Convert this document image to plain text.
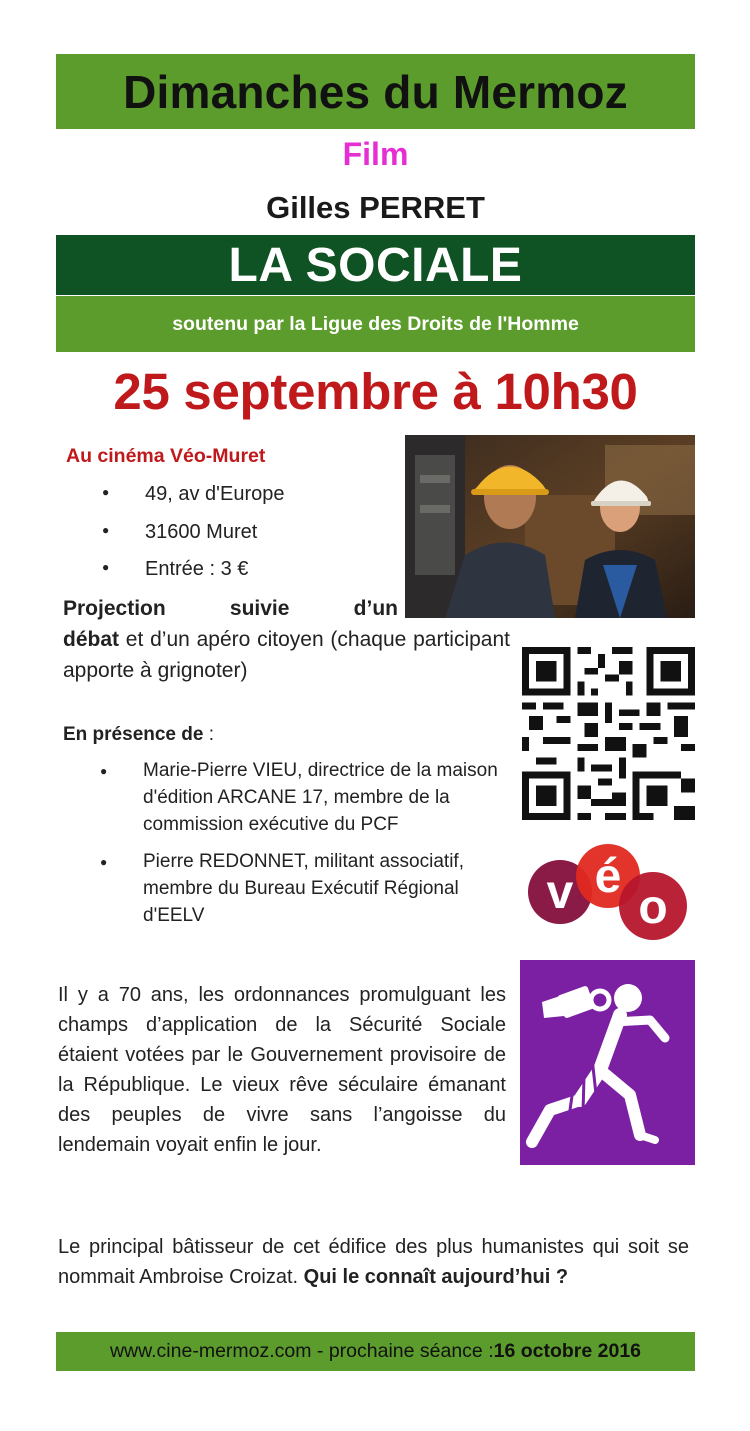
Dimanches du Mermoz
Film
Gilles PERRET
LA SOCIALE
soutenu par la Ligue des Droits de l'Homme
25 septembre à 10h30
Au cinéma Véo-Muret
● 49, av d'Europe
● 31600 Muret
● Entrée : 3 €
Projection suivie d’un
débat et d’un apéro citoyen (chaque participant apporte à grignoter)
En présence de :
● Marie-Pierre VIEU, directrice de la maison d'édition ARCANE 17, membre de la commission exécutive du PCF
● Pierre REDONNET, militant associatif, membre du Bureau Exécutif Régional d'EELV	v é
o
Il y a 70 ans, les ordonnances promulguant les champs d’application de la Sécurité Sociale étaient votées par le Gouvernement provisoire de la République. Le vieux rêve séculaire émanant des peuples de vivre sans l’angoisse du lendemain voyait enfin le jour.
Le principal bâtisseur de cet édifice des plus humanistes qui soit se nommait Ambroise Croizat. Qui le connaît aujourd’hui ?
www.cine-mermoz.com - prochaine séance : 16 octobre 2016
